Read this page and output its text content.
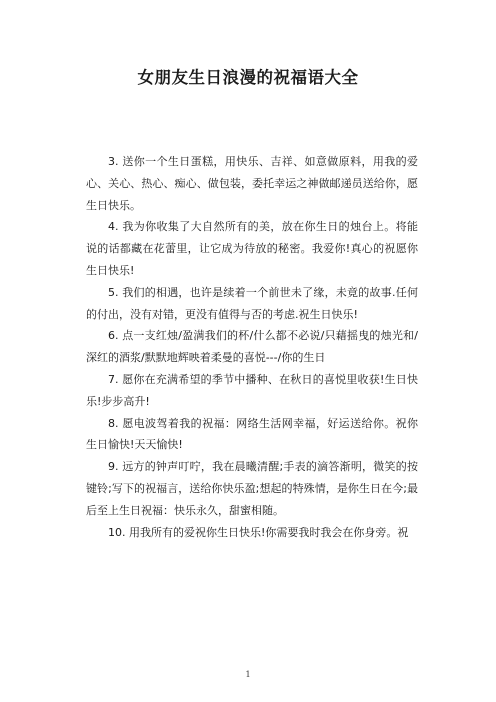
女朋友生日浪漫的祝福语大全

3. 送你一个生日蛋糕，用快乐、吉祥、如意做原料，用我的爱心、关心、热心、痴心、做包装，委托幸运之神做邮递员送给你，愿生日快乐。

4. 我为你收集了大自然所有的美，放在你生日的烛台上。将能说的话都藏在花蕾里，让它成为待放的秘密。我爱你!真心的祝愿你生日快乐!

5. 我们的相遇，也许是续着一个前世未了缘，未竟的故事.任何的付出，没有对错，更没有值得与否的考虑.祝生日快乐!

6. 点一支红烛/盈满我们的杯/什么都不必说/只藉摇曳的烛光和/深红的酒浆/默默地辉映着柔曼的喜悦---/你的生日

7. 愿你在充满希望的季节中播种、在秋日的喜悦里收获!生日快乐!步步高升!

8. 愿电波驾着我的祝福：网络生活网幸福，好运送给你。祝你生日愉快!天天愉快!

9. 远方的钟声叮咛，我在晨曦清醒;手表的滴答渐明，微笑的按键铃;写下的祝福言，送给你快乐盈;想起的特殊情，是你生日在今;最后至上生日祝福：快乐永久，甜蜜相随。

10. 用我所有的爱祝你生日快乐!你需要我时我会在你身旁。祝

1
